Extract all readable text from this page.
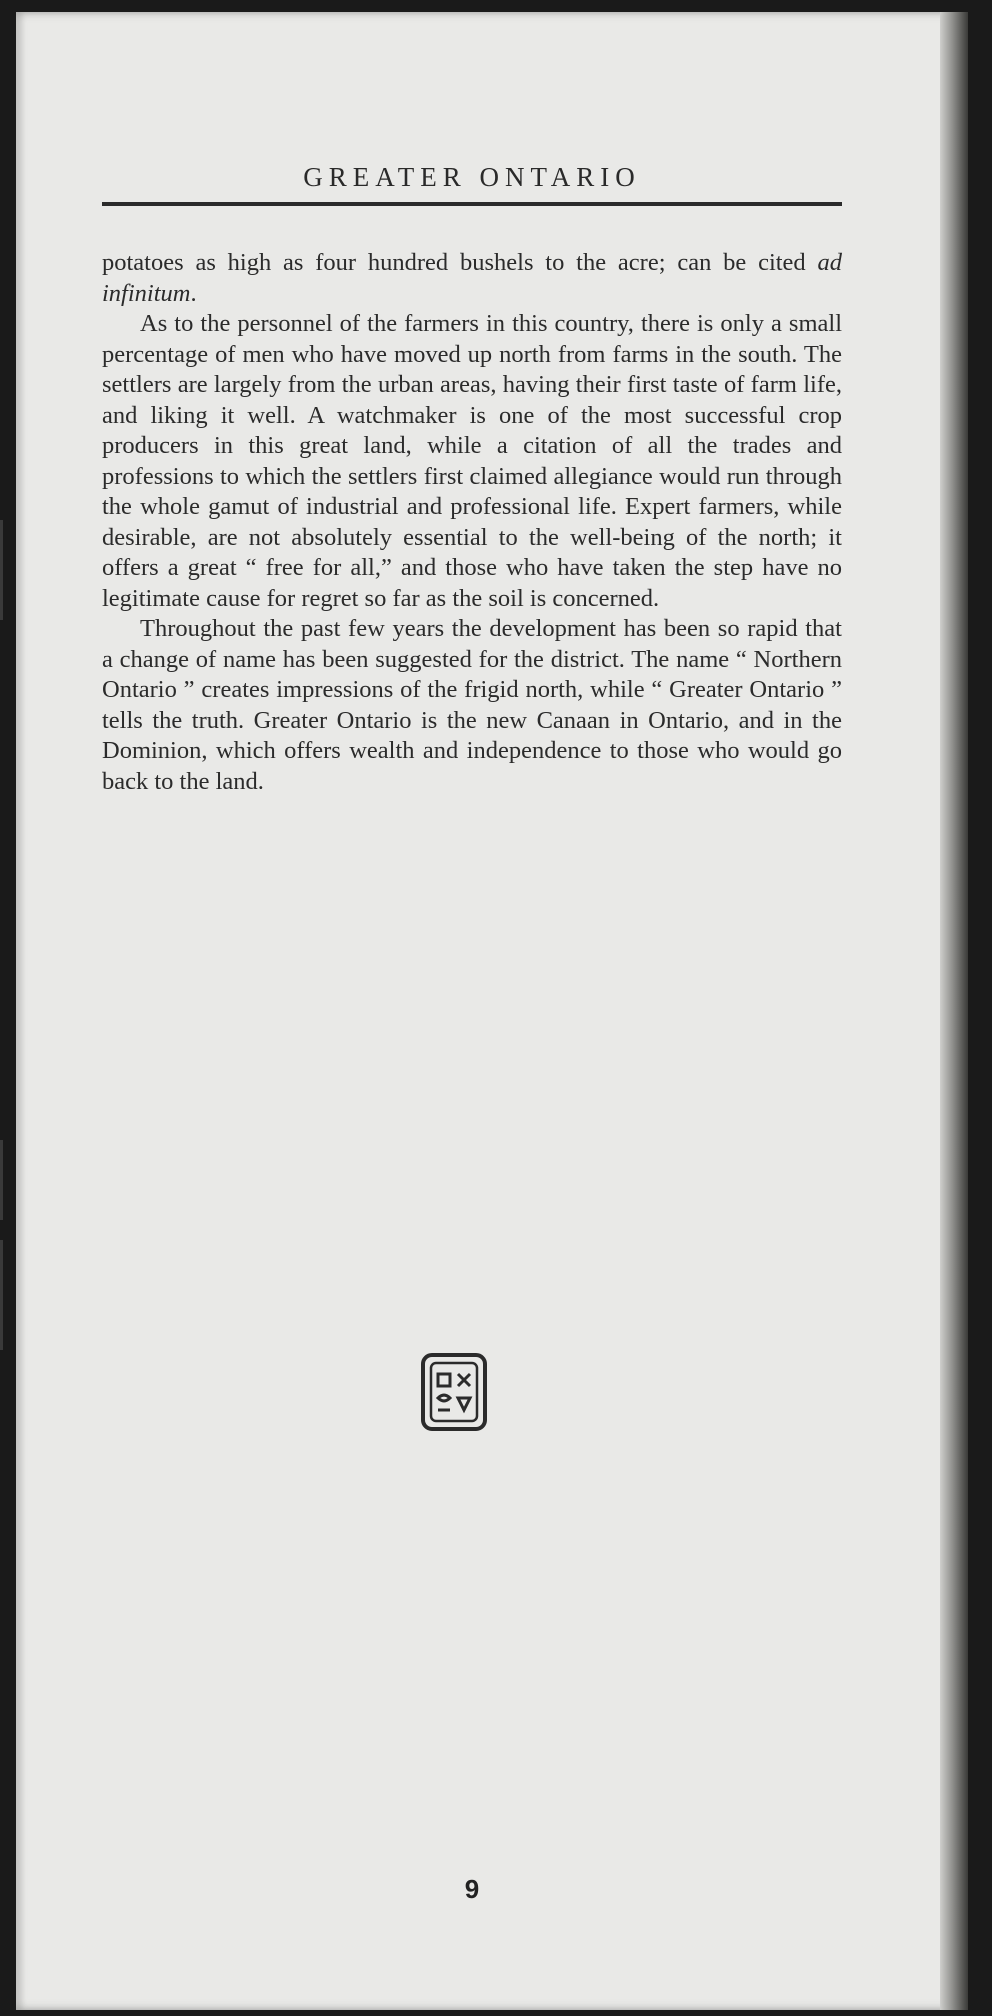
GREATER ONTARIO

potatoes as high as four hundred bushels to the acre; can be cited ad infinitum.

As to the personnel of the farmers in this country, there is only a small percentage of men who have moved up north from farms in the south. The settlers are largely from the urban areas, having their first taste of farm life, and liking it well. A watchmaker is one of the most successful crop producers in this great land, while a citation of all the trades and professions to which the settlers first claimed allegiance would run through the whole gamut of industrial and professional life. Expert farmers, while desirable, are not absolutely essential to the well-being of the north; it offers a great “ free for all,” and those who have taken the step have no legitimate cause for regret so far as the soil is concerned.

Throughout the past few years the development has been so rapid that a change of name has been suggested for the district. The name “ Northern Ontario ” creates impressions of the frigid north, while “ Greater Ontario ” tells the truth. Greater Ontario is the new Canaan in Ontario, and in the Dominion, which offers wealth and independence to those who would go back to the land.

9
